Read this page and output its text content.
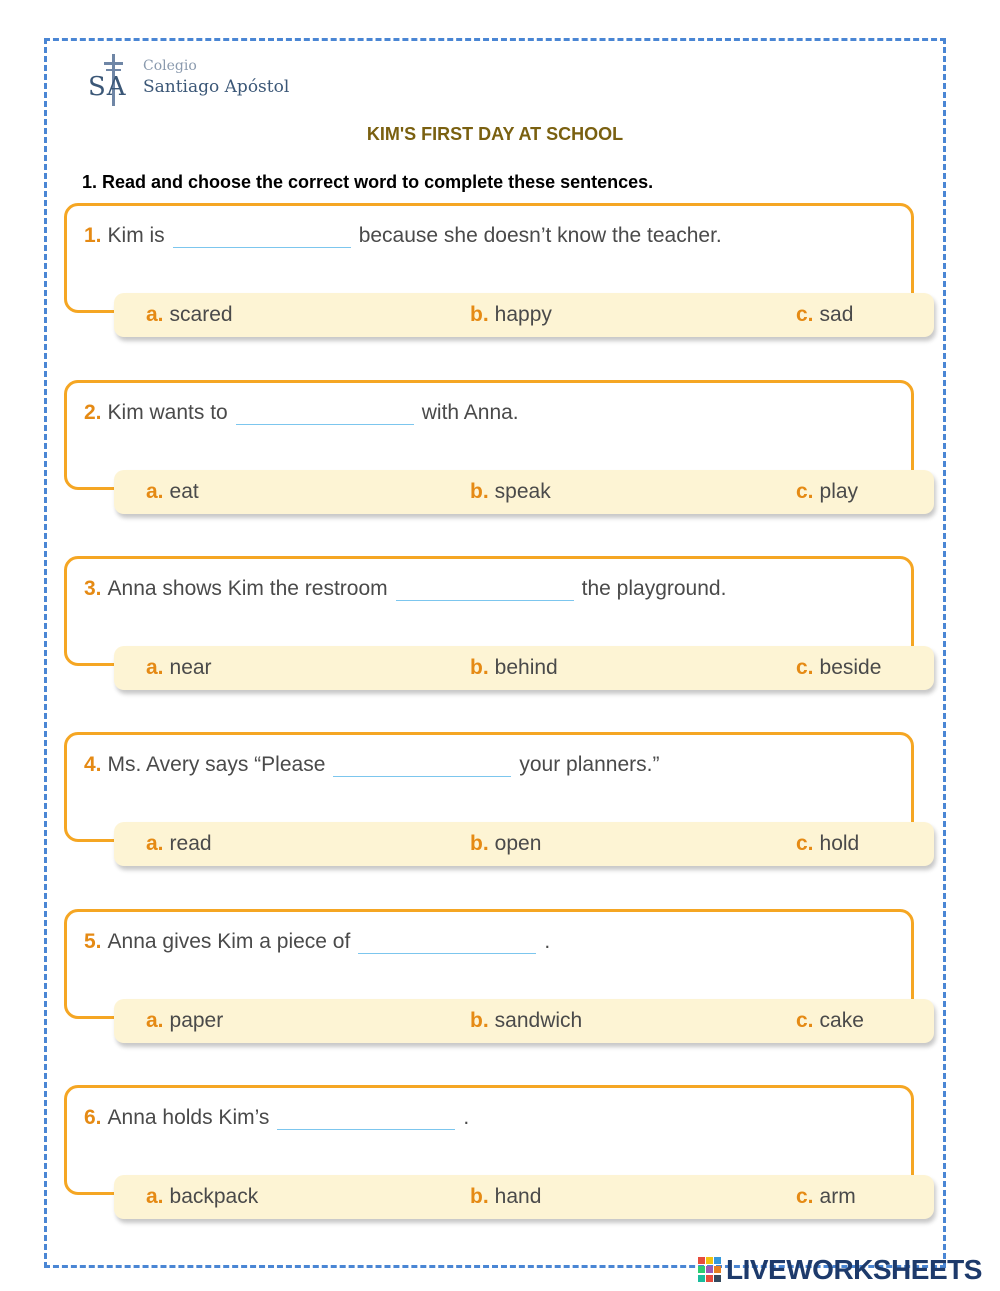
SA
Colegio
Santiago Apóstol
KIM'S FIRST DAY AT SCHOOL
1. Read and choose the correct word to complete these sentences.
1. Kim is	because she doesn’t know the teacher.
a. scared	b. happy	c. sad
2. Kim wants to	with Anna.
a. eat	b. speak	c. play
3. Anna shows Kim the restroom	the playground.
a. near	b. behind	c. beside
4. Ms. Avery says “Please	your planners.”
a. read	b. open	c. hold
5. Anna gives Kim a piece of	.
a. paper	b. sandwich	c. cake
6. Anna holds Kim’s	.
a. backpack	b. hand	c. arm
LIVEWORKSHEETS
